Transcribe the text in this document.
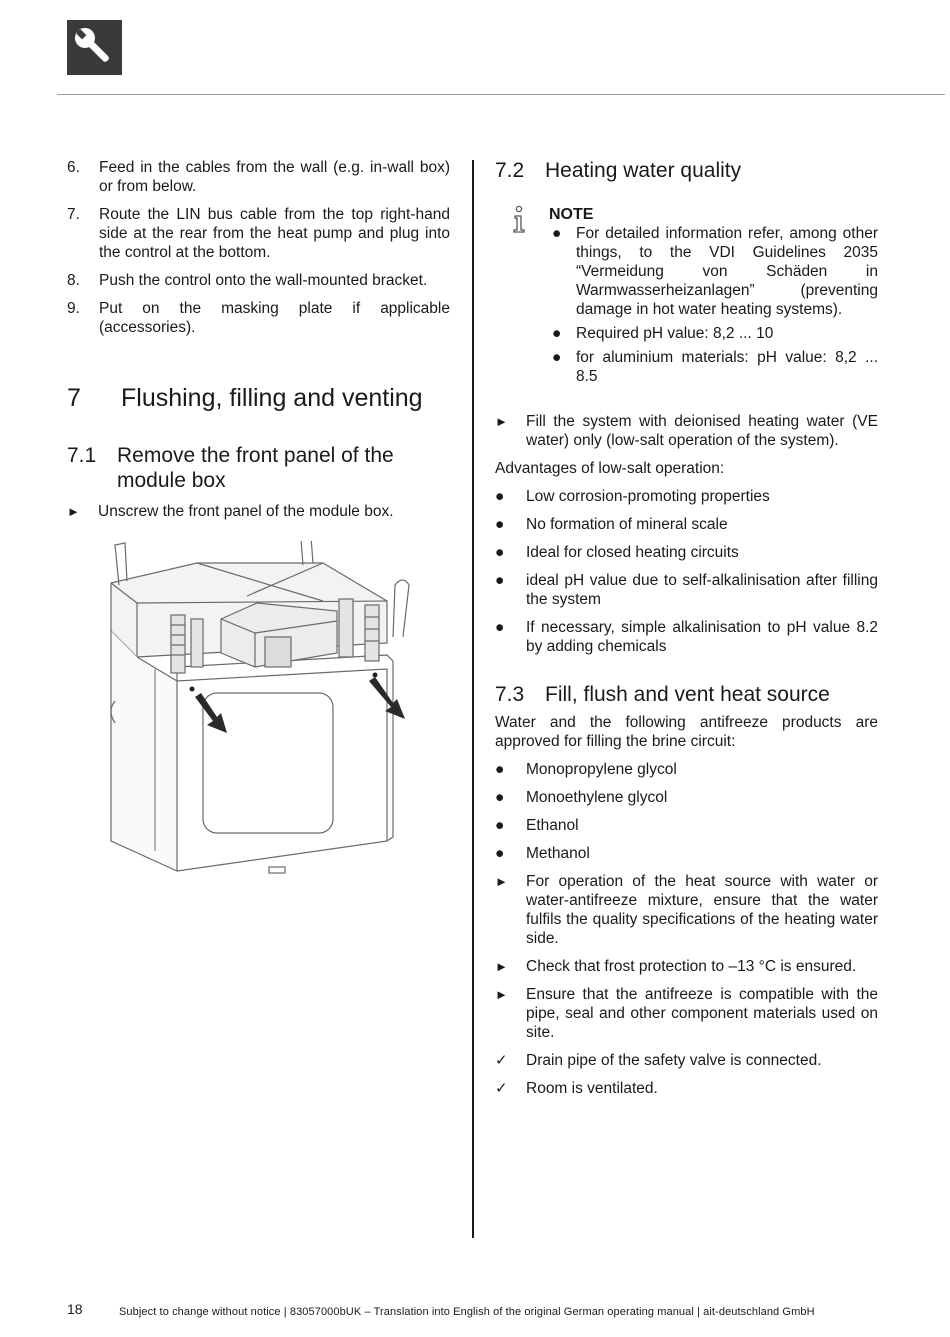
6. Feed in the cables from the wall (e.g. in-wall box) or from below.
7. Route the LIN bus cable from the top right-hand side at the rear from the heat pump and plug into the control at the bottom.
8. Push the control onto the wall-mounted bracket.
9. Put on the masking plate if applicable (accessories).
7	Flushing, filling and venting
7.1 Remove the front panel of the module box

► Unscrew the front panel of the module box.

7.2 Heating water quality
NOTE
● For detailed information refer, among other things, to the VDI Guidelines 2035 “Vermeidung von Schäden in Warmwasserheizanlagen” (preventing damage in hot water heating systems).
● Required pH value: 8,2 ... 10
● for aluminium materials: pH value: 8,2 ... 8.5

► Fill the system with deionised heating water (VE water) only (low-salt operation of the system).

Advantages of low-salt operation:

● Low corrosion-promoting properties
● No formation of mineral scale
● Ideal for closed heating circuits
● ideal pH value due to self-alkalinisation after filling the system
● If necessary, simple alkalinisation to pH value 8.2 by adding chemicals
7.3 Fill, flush and vent heat source

Water and the following antifreeze products are approved for filling the brine circuit:

● Monopropylene glycol
● Monoethylene glycol
● Ethanol
● Methanol

► For operation of the heat source with water or water-antifreeze mixture, ensure that the water fulfils the quality specifications of the heating water side.

► Check that frost protection to –13 °C is ensured.

► Ensure that the antifreeze is compatible with the pipe, seal and other component materials used on site.

✓ Drain pipe of the safety valve is connected.

✓ Room is ventilated.

18	Subject to change without notice | 83057000bUK – Translation into English of the original German operating manual | ait-deutschland GmbH
